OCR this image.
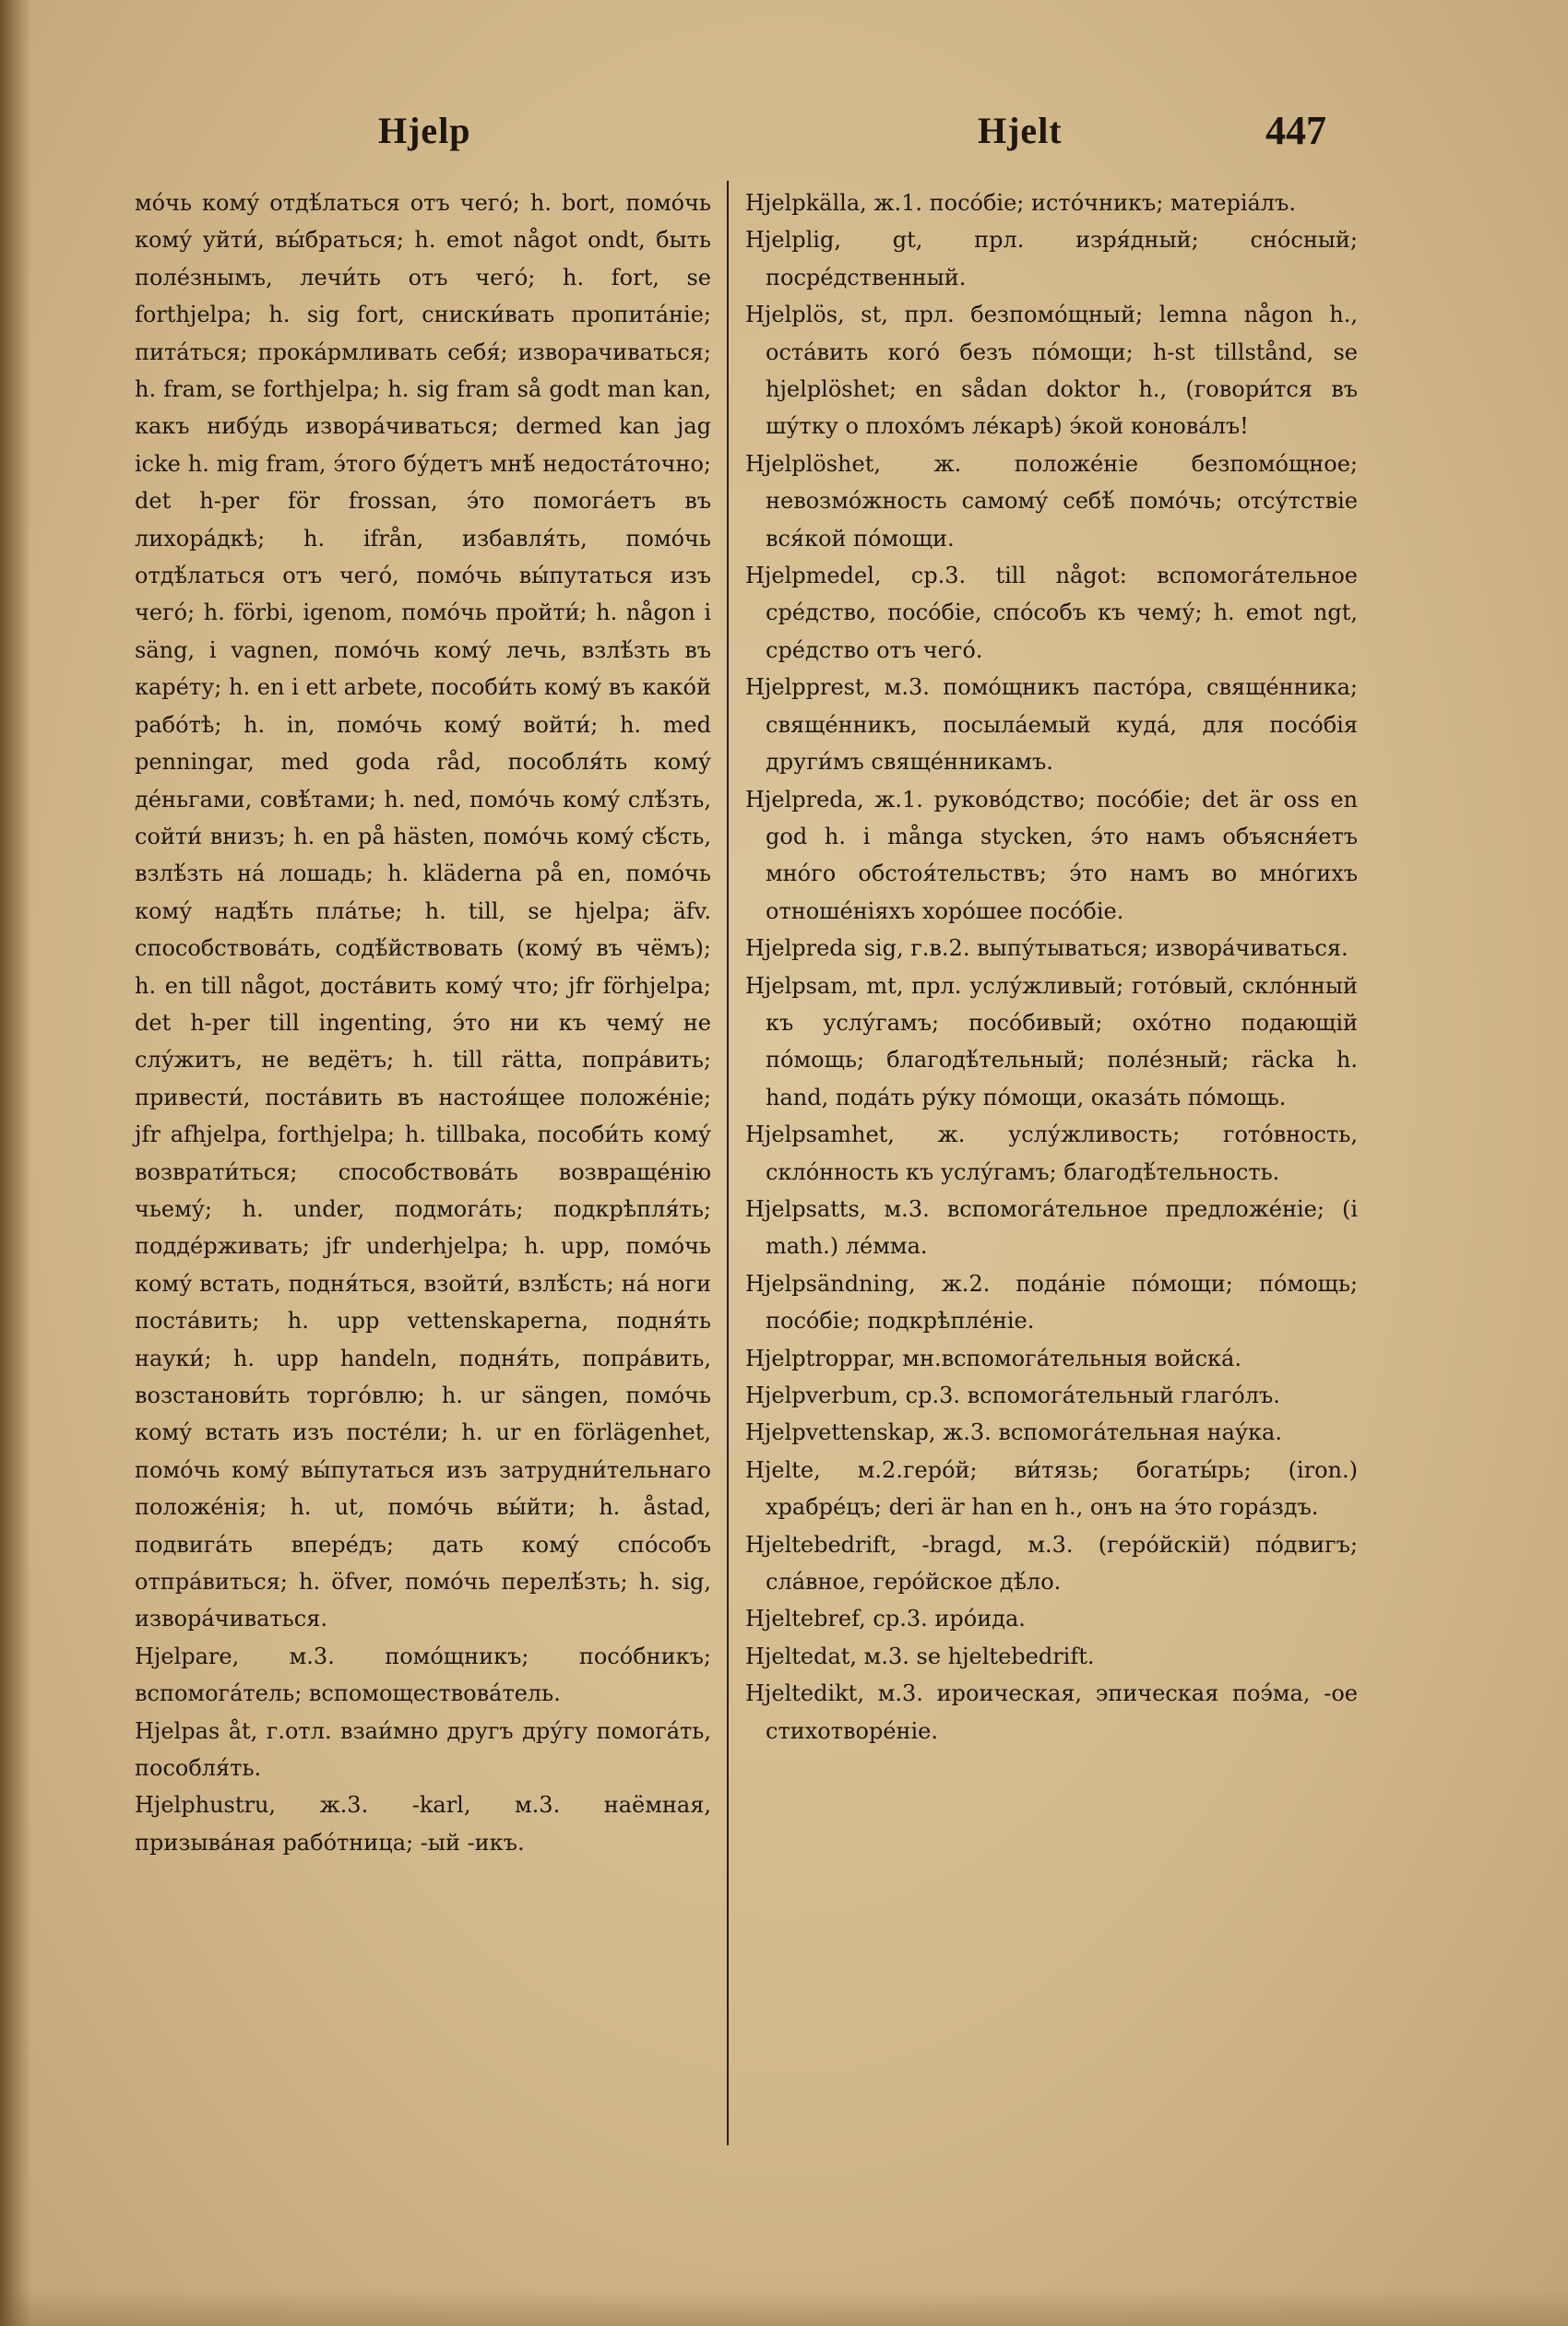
Hjelp	Hjelt	447

мо́чь кому́ отдѣ́латься отъ чего́; h. bort, помо́чь кому́ уйти́, вы́браться; h. emot något ondt, быть поле́знымъ, лечи́ть отъ чего́; h. fort, se forthjelpa; h. sig fort, сниски́вать пропита́ніе; пита́ться; прока́рмливать себя́; изворачиваться; h. fram, se forthjelpa; h. sig fram så godt man kan, какъ нибу́дь извора́чиваться; dermed kan jag icke h. mig fram, э́того бу́детъ мнѣ́ недоста́точно; det h-per för frossan, э́то помога́етъ въ лихора́дкѣ; h. ifrån, избавля́ть, помо́чь отдѣ́латься отъ чего́, помо́чь вы́путаться изъ чего́; h. förbi, igenom, помо́чь пройти́; h. någon i säng, i vagnen, помо́чь кому́ лечь, взлѣ́зть въ каре́ту; h. en i ett arbete, пособи́ть кому́ въ како́й рабо́тѣ; h. in, помо́чь кому́ войти́; h. med penningar, med goda råd, пособля́ть кому́ де́ньгами, совѣ́тами; h. ned, помо́чь кому́ слѣ́зть, сойти́ внизъ; h. en på hästen, помо́чь кому́ сѣ́сть, взлѣ́зть на́ лошадь; h. kläderna på en, помо́чь кому́ надѣ́ть пла́тье; h. till, se hjelpa; äfv. способствова́ть, содѣ́йствовать (кому́ въ чёмъ); h. en till något, доста́вить кому́ что; jfr förhjelpa; det h-per till ingenting, э́то ни къ чему́ не слу́житъ, не ведётъ; h. till rätta, попра́вить; привести́, поста́вить въ настоя́щее положе́ніе; jfr afhjelpa, forthjelpa; h. tillbaka, пособи́ть кому́ возврати́ться; способствова́ть возвраще́нію чьему́; h. under, подмога́ть; подкрѣпля́ть; подде́рживать; jfr underhjelpa; h. upp, помо́чь кому́ встать, подня́ться, взойти́, взлѣ́сть; на́ ноги поста́вить; h. upp vettenskaperna, подня́ть науки́; h. upp handeln, подня́ть, попра́вить, возстанови́ть торго́влю; h. ur sängen, помо́чь кому́ встать изъ посте́ли; h. ur en förlägenhet, помо́чь кому́ вы́путаться изъ затрудни́тельнаго положе́нія; h. ut, помо́чь вы́йти; h. åstad, подвига́ть впере́дъ; дать кому́ спо́собъ отпра́виться; h. öfver, помо́чь перелѣ́зть; h. sig, извора́чиваться.

Hjelpare, м.3. помо́щникъ; посо́бникъ; вспомога́тель; вспомоществова́тель.

Hjelpas åt, г.отл. взаи́мно другъ дру́гу помога́ть, пособля́ть.

Hjelphustru, ж.3. -karl, м.3. наёмная, призыва́ная рабо́тница; -ый -икъ.

Hjelpkälla, ж.1. посо́біе; исто́чникъ; матеріа́лъ.

Hjelplig, gt, прл. изря́дный; сно́сный; посре́дственный.

Hjelplös, st, прл. безпомо́щный; lemna någon h., оста́вить кого́ безъ по́мощи; h-st tillstånd, se hjelplöshet; en sådan doktor h., (говори́тся въ шу́тку о плохо́мъ ле́карѣ) э́кой конова́лъ!

Hjelplöshet, ж. положе́ніе безпомо́щное; невозмо́жность самому́ себѣ́ помо́чь; отсу́тствіе вся́кой по́мощи.

Hjelpmedel, ср.3. till något: вспомога́тельное сре́дство, посо́біе, спо́собъ къ чему́; h. emot ngt, сре́дство отъ чего́.

Hjelpprest, м.3. помо́щникъ пасто́ра, свяще́нника; свяще́нникъ, посыла́емый куда́, для посо́бія други́мъ свяще́нникамъ.

Hjelpreda, ж.1. руково́дство; посо́біе; det är oss en god h. i många stycken, э́то намъ объясня́етъ мно́го обстоя́тельствъ; э́то намъ во мно́гихъ отноше́ніяхъ хоро́шее посо́біе.

Hjelpreda sig, г.в.2. выпу́тываться; извора́чиваться.

Hjelpsam, mt, прл. услу́жливый; гото́вый, скло́нный къ услу́гамъ; посо́бивый; охо́тно подающій по́мощь; благодѣ́тельный; поле́зный; räcka h. hand, пода́ть ру́ку по́мощи, оказа́ть по́мощь.

Hjelpsamhet, ж. услу́жливость; гото́вность, скло́нность къ услу́гамъ; благодѣ́тельность.

Hjelpsatts, м.3. вспомога́тельное предложе́ніе; (i math.) ле́мма.

Hjelpsändning, ж.2. пода́ніе по́мощи; по́мощь; посо́біе; подкрѣпле́ніе.

Hjelptroppar, мн.вспомога́тельныя войска́.

Hjelpverbum, ср.3. вспомога́тельный глаго́лъ.

Hjelpvettenskap, ж.3. вспомога́тельная нау́ка.

Hjelte, м.2.геро́й; ви́тязь; богаты́рь; (iron.) храбре́цъ; deri är han en h., онъ на э́то гора́здъ.

Hjeltebedrift, -bragd, м.3. (геро́йскій) по́двигъ; сла́вное, геро́йское дѣ́ло.

Hjeltebref, ср.3. иро́ида.

Hjeltedat, м.3. se hjeltebedrift.

Hjeltedikt, м.3. ироическая, эпическая поэ́ма, -ое стихотворе́ніе.
